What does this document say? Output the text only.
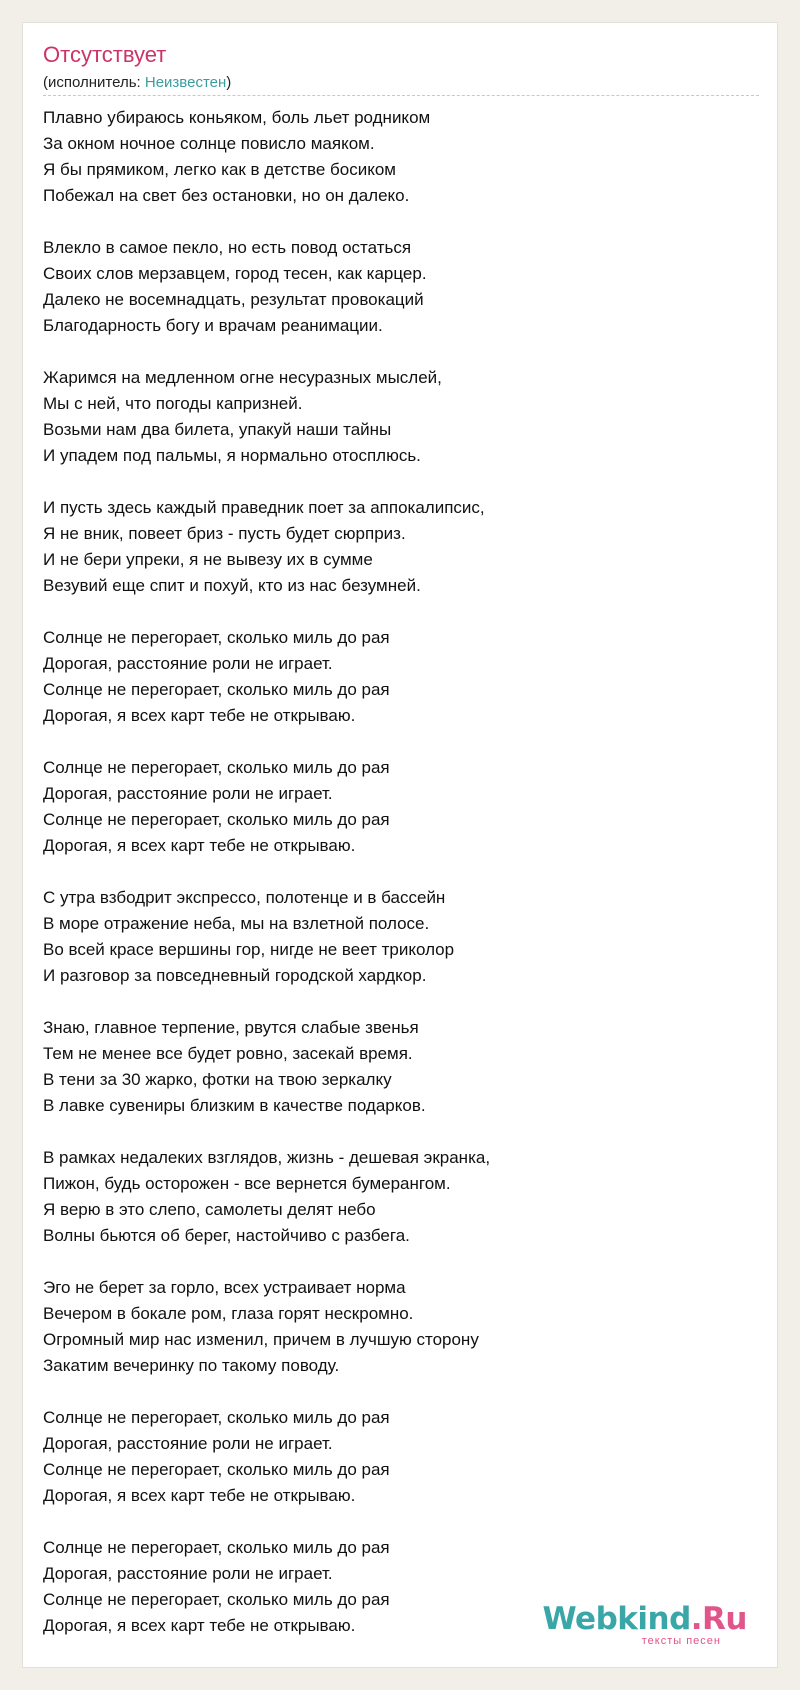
Отсутствует
(исполнитель: Неизвестен)
Плавно убираюсь коньяком, боль льет родником
За окном ночное солнце повисло маяком.
Я бы прямиком, легко как в детстве босиком
Побежал на свет без остановки, но он далеко.
Влекло в самое пекло, но есть повод остаться
Своих слов мерзавцем, город тесен, как карцер.
Далеко не восемнадцать, результат провокаций
Благодарность богу и врачам реанимации.
Жаримся на медленном огне несуразных мыслей,
Мы с ней, что погоды капризней.
Возьми нам два билета, упакуй наши тайны
И упадем под пальмы, я нормально отосплюсь.
И пусть здесь каждый праведник поет за аппокалипсис,
Я не вник, повеет бриз - пусть будет сюрприз.
И не бери упреки, я не вывезу их в сумме
Везувий еще спит и похуй, кто из нас безумней.
Солнце не перегорает, сколько миль до рая
Дорогая, расстояние роли не играет.
Солнце не перегорает, сколько миль до рая
Дорогая, я всех карт тебе не открываю.
Солнце не перегорает, сколько миль до рая
Дорогая, расстояние роли не играет.
Солнце не перегорает, сколько миль до рая
Дорогая, я всех карт тебе не открываю.
С утра взбодрит экспрессо, полотенце и в бассейн
В море отражение неба, мы на взлетной полосе.
Во всей красе вершины гор, нигде не веет триколор
И разговор за повседневный городской хардкор.
Знаю, главное терпение, рвутся слабые звенья
Тем не менее все будет ровно, засекай время.
В тени за 30 жарко, фотки на твою зеркалку
В лавке сувениры близким в качестве подарков.
В рамках недалеких взглядов, жизнь - дешевая экранка,
Пижон, будь осторожен - все вернется бумерангом.
Я верю в это слепо, самолеты делят небо
Волны бьются об берег, настойчиво с разбега.
Эго не берет за горло, всех устраивает норма
Вечером в бокале ром, глаза горят нескромно.
Огромный мир нас изменил, причем в лучшую сторону
Закатим вечеринку по такому поводу.
Солнце не перегорает, сколько миль до рая
Дорогая, расстояние роли не играет.
Солнце не перегорает, сколько миль до рая
Дорогая, я всех карт тебе не открываю.
Солнце не перегорает, сколько миль до рая
Дорогая, расстояние роли не играет.
Солнце не перегорает, сколько миль до рая
Дорогая, я всех карт тебе не открываю.	Webkind.Ru
тексты песен
